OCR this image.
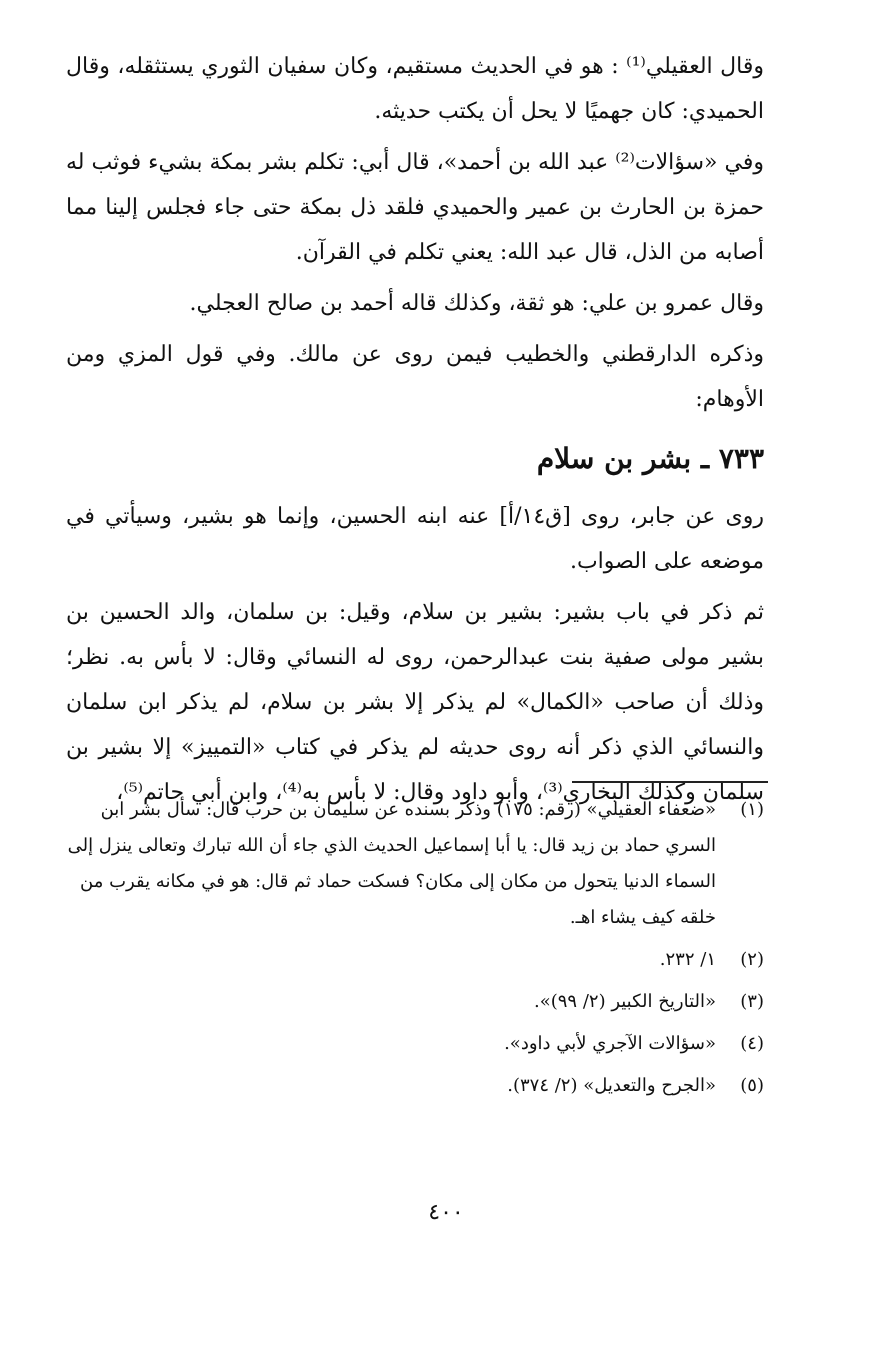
وقال العقيلي⁽¹⁾ : هو في الحديث مستقيم، وكان سفيان الثوري يستثقله، وقال الحميدي: كان جهميًا لا يحل أن يكتب حديثه.

وفي «سؤالات⁽²⁾ عبد الله بن أحمد»، قال أبي: تكلم بشر بمكة بشيء فوثب له حمزة بن الحارث بن عمير والحميدي فلقد ذل بمكة حتى جاء فجلس إلينا مما أصابه من الذل، قال عبد الله: يعني تكلم في القرآن.

وقال عمرو بن علي: هو ثقة، وكذلك قاله أحمد بن صالح العجلي.

وذكره الدارقطني والخطيب فيمن روى عن مالك. وفي قول المزي ومن الأوهام:

٧٣٣ ـ بشر بن سلام

روى عن جابر، روى [ق١٤/أ] عنه ابنه الحسين، وإنما هو بشير، وسيأتي في موضعه على الصواب.

ثم ذكر في باب بشير: بشير بن سلام، وقيل: بن سلمان، والد الحسين بن بشير مولى صفية بنت عبدالرحمن، روى له النسائي وقال: لا بأس به. نظر؛ وذلك أن صاحب «الكمال» لم يذكر إلا بشر بن سلام، لم يذكر ابن سلمان والنسائي الذي ذكر أنه روى حديثه لم يذكر في كتاب «التمييز» إلا بشير بن سلمان وكذلك البخاري⁽³⁾، وأبو داود وقال: لا بأس به⁽⁴⁾، وابن أبي حاتم⁽⁵⁾،

(١)
«ضعفاء العقيلي» (رقم: ١٧٥) وذكر بسنده عن سليمان بن حرب قال: سأل بشر ابن السري حماد بن زيد قال: يا أبا إسماعيل الحديث الذي جاء أن الله تبارك وتعالى ينزل إلى السماء الدنيا يتحول من مكان إلى مكان؟ فسكت حماد ثم قال: هو في مكانه يقرب من خلقه كيف يشاء اهـ.
(٢)
١/ ٢٣٢.
(٣)
«التاريخ الكبير (٢/ ٩٩)».
(٤)
«سؤالات الآجري لأبي داود».
(٥)
«الجرح والتعديل» (٢/ ٣٧٤).
٤٠٠
